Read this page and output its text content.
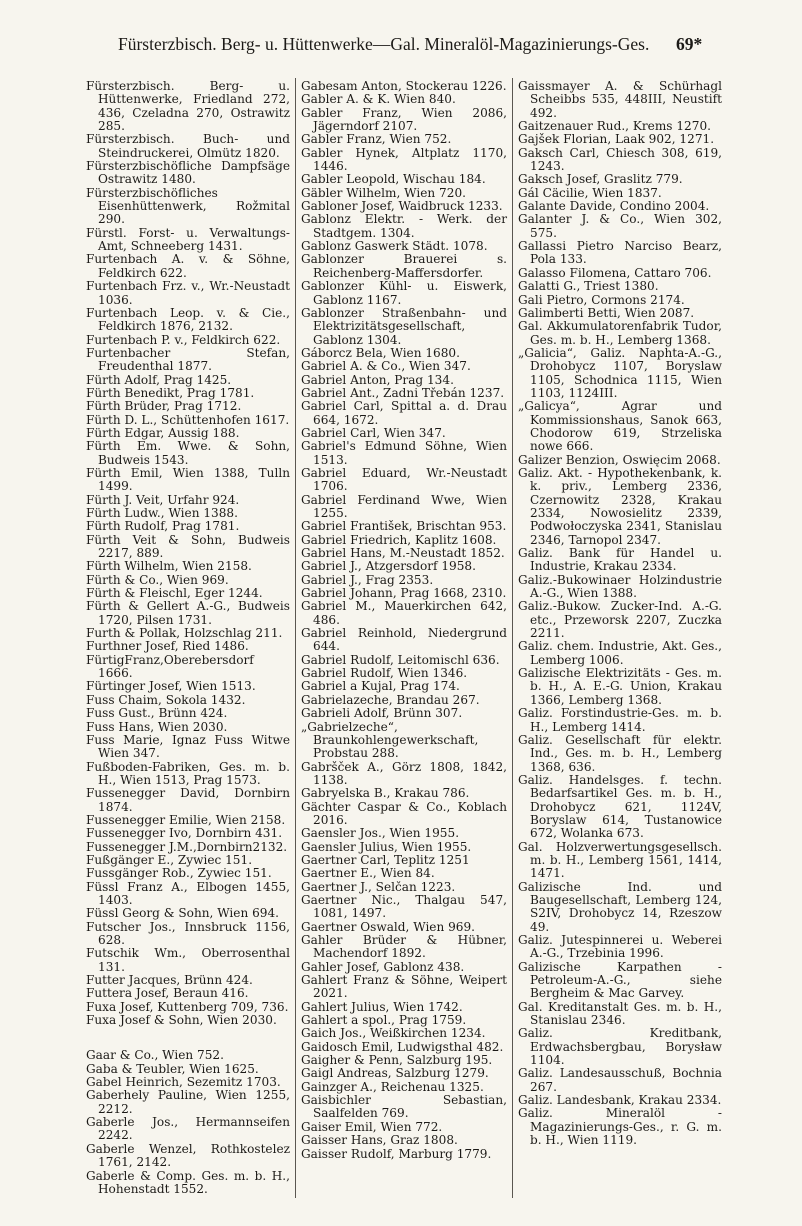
Fürsterzbisch. Berg- u. Hüttenwerke—Gal. Mineralöl-Magazinierungs-Ges. 69*
Fürsterzbisch. Berg- u. Hüttenwerke, Friedland 272, 436, Czeladna 270, Ostrawitz 285.
Fürsterzbisch. Buch- und Steindruckerei, Olmütz 1820.
Fürsterzbischöfliche Dampfsäge Ostrawitz 1480.
Fürsterzbischöfliches Eisenhüttenwerk, Rožmital 290.
Fürstl. Forst- u. Verwaltungs-Amt, Schneeberg 1431.
Furtenbach A. v. & Söhne, Feldkirch 622.
Furtenbach Frz. v., Wr.-Neustadt 1036.
Furtenbach Leop. v. & Cie., Feldkirch 1876, 2132.
Furtenbach P. v., Feldkirch 622.
Furtenbacher Stefan, Freudenthal 1877.
Fürth Adolf, Prag 1425.
Fürth Benedikt, Prag 1781.
Fürth Brüder, Prag 1712.
Fürth D. L., Schüttenhofen 1617.
Fürth Edgar, Aussig 188.
Fürth Em. Wwe. & Sohn, Budweis 1543.
Fürth Emil, Wien 1388, Tulln 1499.
Fürth J. Veit, Urfahr 924.
Fürth Ludw., Wien 1388.
Fürth Rudolf, Prag 1781.
Fürth Veit & Sohn, Budweis 2217, 889.
Fürth Wilhelm, Wien 2158.
Fürth & Co., Wien 969.
Fürth & Fleischl, Eger 1244.
Fürth & Gellert A.-G., Budweis 1720, Pilsen 1731.
Furth & Pollak, Holzschlag 211.
Furthner Josef, Ried 1486.
FürtigFranz,Oberebersdorf 1666.
Fürtinger Josef, Wien 1513.
Fuss Chaim, Sokola 1432.
Fuss Gust., Brünn 424.
Fuss Hans, Wien 2030.
Fuss Marie, Ignaz Fuss Witwe Wien 347.
Fußboden-Fabriken, Ges. m. b. H., Wien 1513, Prag 1573.
Fussenegger David, Dornbirn 1874.
Fussenegger Emilie, Wien 2158.
Fussenegger Ivo, Dornbirn 431.
Fussenegger J.M.,Dornbirn2132.
Fußgänger E., Zywiec 151.
Fussgänger Rob., Zywiec 151.
Füssl Franz A., Elbogen 1455, 1403.
Füssl Georg & Sohn, Wien 694.
Futscher Jos., Innsbruck 1156, 628.
Futschik Wm., Oberrosenthal 131.
Futter Jacques, Brünn 424.
Futtera Josef, Beraun 416.
Fuxa Josef, Kuttenberg 709, 736.
Fuxa Josef & Sohn, Wien 2030.
Gaar & Co., Wien 752.
Gaba & Teubler, Wien 1625.
Gabel Heinrich, Sezemitz 1703.
Gaberhely Pauline, Wien 1255, 2212.
Gaberle Jos., Hermannseifen 2242.
Gaberle Wenzel, Rothkostelez 1761, 2142.
Gaberle & Comp. Ges. m. b. H., Hohenstadt 1552.
Gabesam Anton, Stockerau 1226.
Gabler A. & K. Wien 840.
Gabler Franz, Wien 2086, Jägerndorf 2107.
Gabler Franz, Wien 752.
Gabler Hynek, Altplatz 1170, 1446.
Gabler Leopold, Wischau 184.
Gäbler Wilhelm, Wien 720.
Gabloner Josef, Waidbruck 1233.
Gablonz Elektr. - Werk. der Stadtgem. 1304.
Gablonz Gaswerk Städt. 1078.
Gablonzer Brauerei s. Reichenberg-Maffersdorfer.
Gablonzer Kühl- u. Eiswerk, Gablonz 1167.
Gablonzer Straßenbahn- und Elektrizitätsgesellschaft, Gablonz 1304.
Gáborcz Bela, Wien 1680.
Gabriel A. & Co., Wien 347.
Gabriel Anton, Prag 134.
Gabriel Ant., Zadni Třebán 1237.
Gabriel Carl, Spittal a. d. Drau 664, 1672.
Gabriel Carl, Wien 347.
Gabriel's Edmund Söhne, Wien 1513.
Gabriel Eduard, Wr.-Neustadt 1706.
Gabriel Ferdinand Wwe, Wien 1255.
Gabriel František, Brischtan 953.
Gabriel Friedrich, Kaplitz 1608.
Gabriel Hans, M.-Neustadt 1852.
Gabriel J., Atzgersdorf 1958.
Gabriel J., Frag 2353.
Gabriel Johann, Prag 1668, 2310.
Gabriel M., Mauerkirchen 642, 486.
Gabriel Reinhold, Niedergrund 644.
Gabriel Rudolf, Leitomischl 636.
Gabriel Rudolf, Wien 1346.
Gabriel a Kujal, Prag 174.
Gabrielazeche, Brandau 267.
Gabrieli Adolf, Brünn 307.
„Gabrielzeche“, Braunkohlengewerkschaft, Probstau 288.
Gabršček A., Görz 1808, 1842, 1138.
Gabryelska B., Krakau 786.
Gächter Caspar & Co., Koblach 2016.
Gaensler Jos., Wien 1955.
Gaensler Julius, Wien 1955.
Gaertner Carl, Teplitz 1251
Gaertner E., Wien 84.
Gaertner J., Selčan 1223.
Gaertner Nic., Thalgau 547, 1081, 1497.
Gaertner Oswald, Wien 969.
Gahler Brüder & Hübner, Machendorf 1892.
Gahler Josef, Gablonz 438.
Gahlert Franz & Söhne, Weipert 2021.
Gahlert Julius, Wien 1742.
Gahlert a spol., Prag 1759.
Gaich Jos., Weißkirchen 1234.
Gaidosch Emil, Ludwigsthal 482.
Gaigher & Penn, Salzburg 195.
Gaigl Andreas, Salzburg 1279.
Gainzger A., Reichenau 1325.
Gaisbichler Sebastian, Saalfelden 769.
Gaiser Emil, Wien 772.
Gaisser Hans, Graz 1808.
Gaisser Rudolf, Marburg 1779.
Gaissmayer A. & Schürhagl Scheibbs 535, 448III, Neustift 492.
Gaitzenauer Rud., Krems 1270.
Gajšek Florian, Laak 902, 1271.
Gaksch Carl, Chiesch 308, 619, 1243.
Gaksch Josef, Graslitz 779.
Gál Cäcilie, Wien 1837.
Galante Davide, Condino 2004.
Galanter J. & Co., Wien 302, 575.
Gallassi Pietro Narciso Bearz, Pola 133.
Galasso Filomena, Cattaro 706.
Galatti G., Triest 1380.
Gali Pietro, Cormons 2174.
Galimberti Betti, Wien 2087.
Gal. Akkumulatorenfabrik Tudor, Ges. m. b. H., Lemberg 1368.
„Galicia“, Galiz. Naphta-A.-G., Drohobycz 1107, Boryslaw 1105, Schodnica 1115, Wien 1103, 1124III.
„Galicya“, Agrar und Kommissionshaus, Sanok 663, Chodorow 619, Strzeliska nowe 666.
Galizer Benzion, Oswięcim 2068.
Galiz. Akt. - Hypothekenbank, k. k. priv., Lemberg 2336, Czernowitz 2328, Krakau 2334, Nowosielitz 2339, Podwołoczyska 2341, Stanislau 2346, Tarnopol 2347.
Galiz. Bank für Handel u. Industrie, Krakau 2334.
Galiz.-Bukowinaer Holzindustrie A.-G., Wien 1388.
Galiz.-Bukow. Zucker-Ind. A.-G. etc., Przeworsk 2207, Zuczka 2211.
Galiz. chem. Industrie, Akt. Ges., Lemberg 1006.
Galizische Elektrizitäts - Ges. m. b. H., A. E.-G. Union, Krakau 1366, Lemberg 1368.
Galiz. Forstindustrie-Ges. m. b. H., Lemberg 1414.
Galiz. Gesellschaft für elektr. Ind., Ges. m. b. H., Lemberg 1368, 636.
Galiz. Handelsges. f. techn. Bedarfsartikel Ges. m. b. H., Drohobycz 621, 1124V, Boryslaw 614, Tustanowice 672, Wolanka 673.
Gal. Holzverwertungsgesellsch. m. b. H., Lemberg 1561, 1414, 1471.
Galizische Ind. und Baugesellschaft, Lemberg 124, S2IV, Drohobycz 14, Rzeszow 49.
Galiz. Jutespinnerei u. Weberei A.-G., Trzebinia 1996.
Galizische Karpathen - Petroleum-A.-G., siehe Bergheim & Mac Garvey.
Gal. Kreditanstalt Ges. m. b. H., Stanislau 2346.
Galiz. Kreditbank, Erdwachsbergbau, Borysław 1104.
Galiz. Landesausschuß, Bochnia 267.
Galiz. Landesbank, Krakau 2334.
Galiz. Mineralöl - Magazinierungs-Ges., r. G. m. b. H., Wien 1119.
